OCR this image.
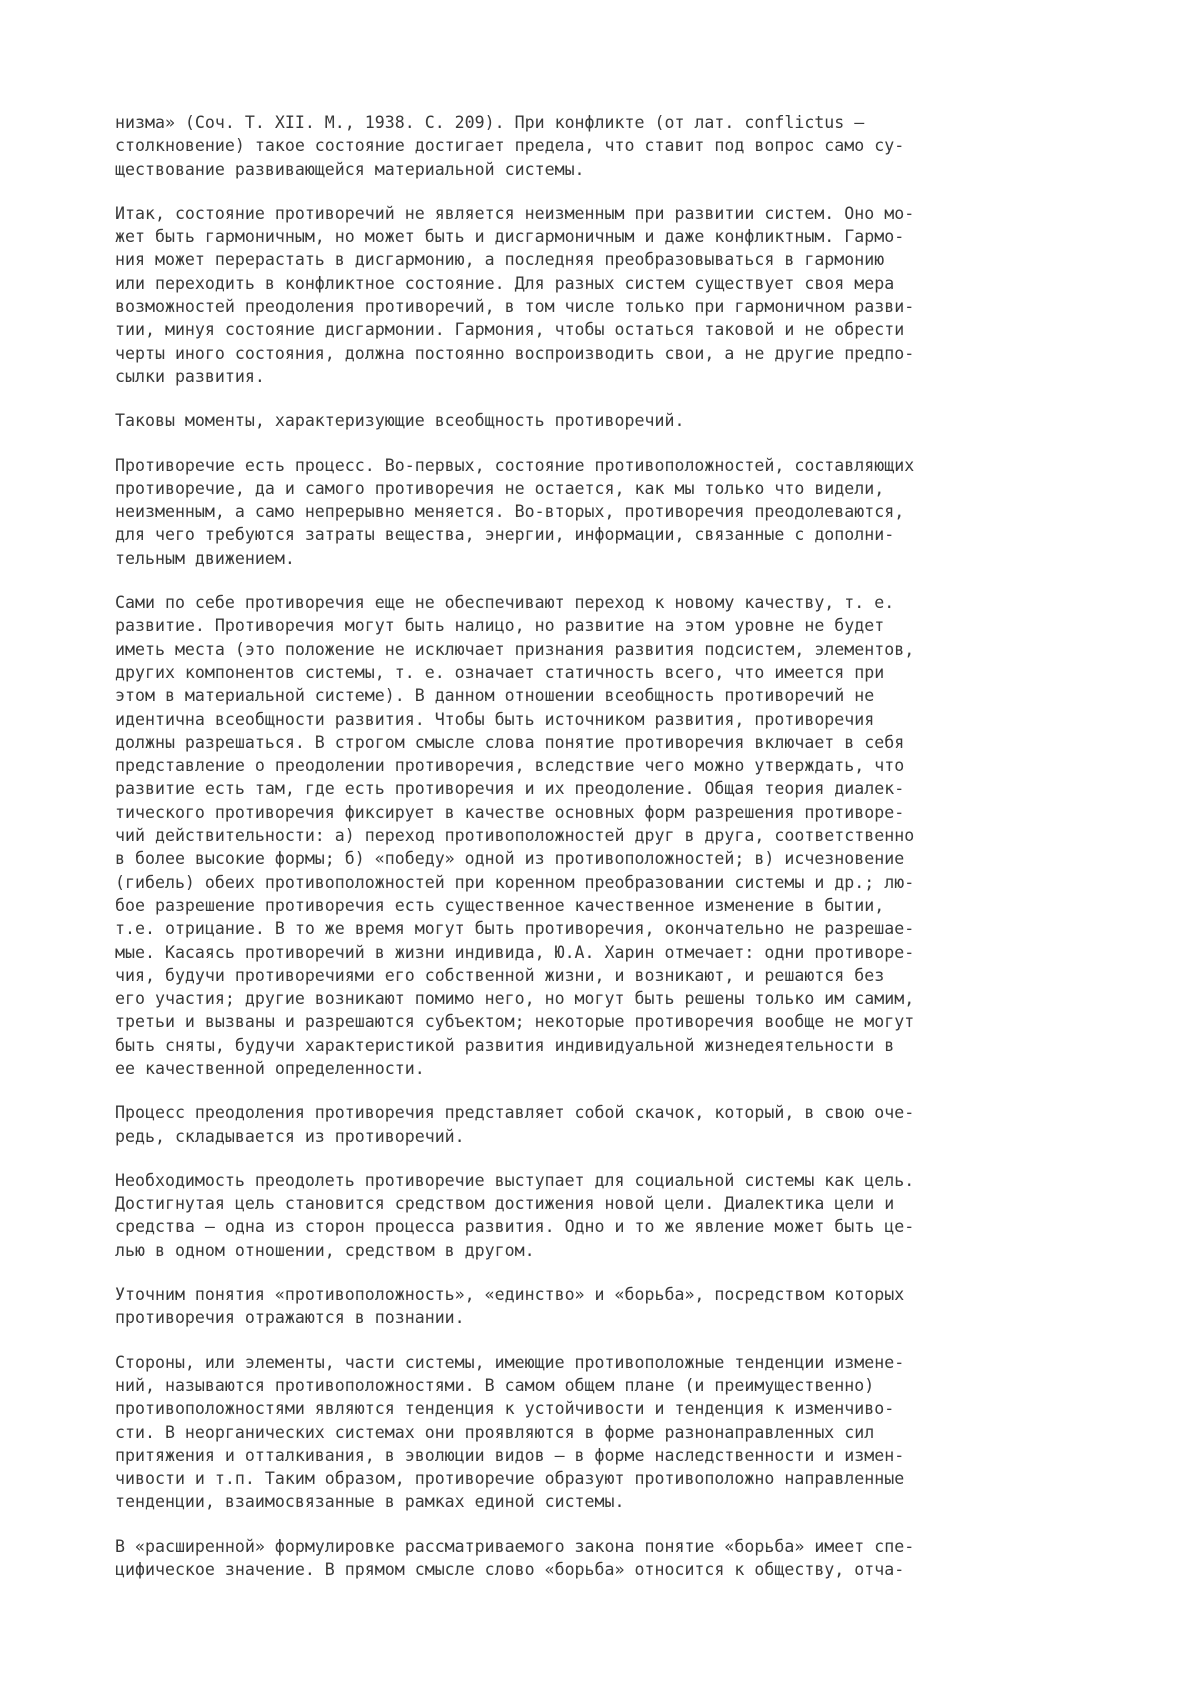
низма» (Соч. Т. XII. М., 1938. С. 209). При конфликте (от лат. conflictus —
столкновение) такое состояние достигает предела, что ставит под вопрос само су-
ществование развивающейся материальной системы.
Итак, состояние противоречий не является неизменным при развитии систем. Оно мо-
жет быть гармоничным, но может быть и дисгармоничным и даже конфликтным. Гармо-
ния может перерастать в дисгармонию, а последняя преобразовываться в гармонию
или переходить в конфликтное состояние. Для разных систем существует своя мера
возможностей преодоления противоречий, в том числе только при гармоничном разви-
тии, минуя состояние дисгармонии. Гармония, чтобы остаться таковой и не обрести
черты иного состояния, должна постоянно воспроизводить свои, а не другие предпо-
сылки развития.
Таковы моменты, характеризующие всеобщность противоречий.
Противоречие есть процесс. Во-первых, состояние противоположностей, составляющих
противоречие, да и самого противоречия не остается, как мы только что видели,
неизменным, а само непрерывно меняется. Во-вторых, противоречия преодолеваются,
для чего требуются затраты вещества, энергии, информации, связанные с дополни-
тельным движением.
Сами по себе противоречия еще не обеспечивают переход к новому качеству, т. е.
развитие. Противоречия могут быть налицо, но развитие на этом уровне не будет
иметь места (это положение не исключает признания развития подсистем, элементов,
других компонентов системы, т. е. означает статичность всего, что имеется при
этом в материальной системе). В данном отношении всеобщность противоречий не
идентична всеобщности развития. Чтобы быть источником развития, противоречия
должны разрешаться. В строгом смысле слова понятие противоречия включает в себя
представление о преодолении противоречия, вследствие чего можно утверждать, что
развитие есть там, где есть противоречия и их преодоление. Общая теория диалек-
тического противоречия фиксирует в качестве основных форм разрешения противоре-
чий действительности: а) переход противоположностей друг в друга, соответственно
в более высокие формы; б) «победу» одной из противоположностей; в) исчезновение
(гибель) обеих противоположностей при коренном преобразовании системы и др.; лю-
бое разрешение противоречия есть существенное качественное изменение в бытии,
т.е. отрицание. В то же время могут быть противоречия, окончательно не разрешае-
мые. Касаясь противоречий в жизни индивида, Ю.А. Харин отмечает: одни противоре-
чия, будучи противоречиями его собственной жизни, и возникают, и решаются без
его участия; другие возникают помимо него, но могут быть решены только им самим,
третьи и вызваны и разрешаются субъектом; некоторые противоречия вообще не могут
быть сняты, будучи характеристикой развития индивидуальной жизнедеятельности в
ее качественной определенности.
Процесс преодоления противоречия представляет собой скачок, который, в свою оче-
редь, складывается из противоречий.
Необходимость преодолеть противоречие выступает для социальной системы как цель.
Достигнутая цель становится средством достижения новой цели. Диалектика цели и
средства — одна из сторон процесса развития. Одно и то же явление может быть це-
лью в одном отношении, средством в другом.
Уточним понятия «противоположность», «единство» и «борьба», посредством которых
противоречия отражаются в познании.
Стороны, или элементы, части системы, имеющие противоположные тенденции измене-
ний, называются противоположностями. В самом общем плане (и преимущественно)
противоположностями являются тенденция к устойчивости и тенденция к изменчиво-
сти. В неорганических системах они проявляются в форме разнонаправленных сил
притяжения и отталкивания, в эволюции видов — в форме наследственности и измен-
чивости и т.п. Таким образом, противоречие образуют противоположно направленные
тенденции, взаимосвязанные в рамках единой системы.
В «расширенной» формулировке рассматриваемого закона понятие «борьба» имеет спе-
цифическое значение. В прямом смысле слово «борьба» относится к обществу, отча-
